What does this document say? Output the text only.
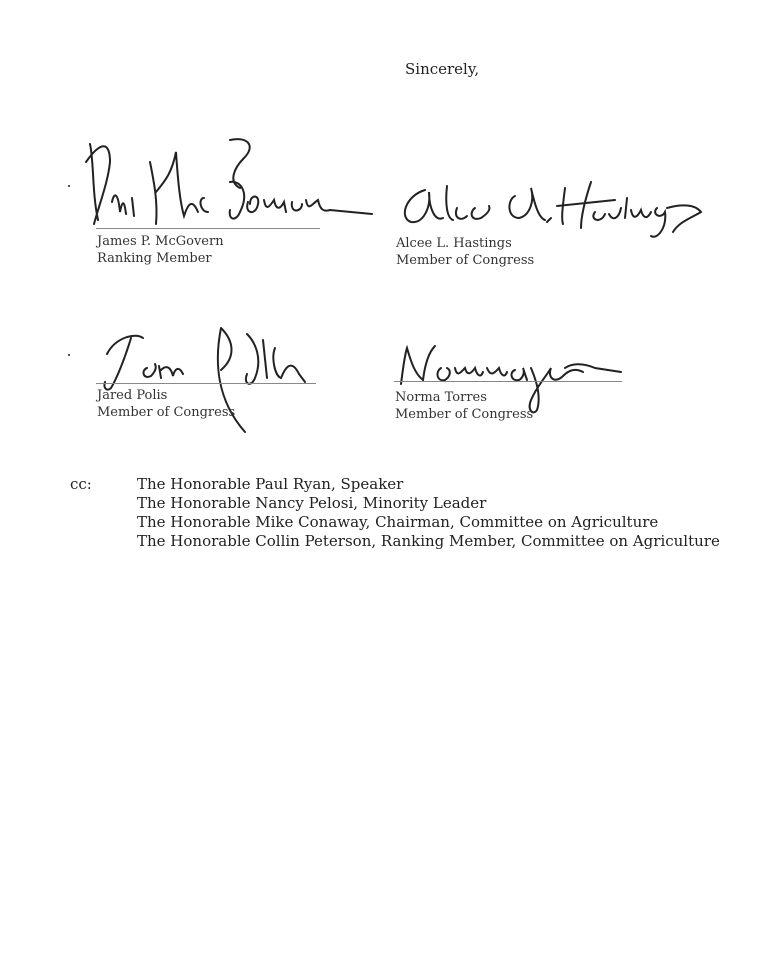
Sincerely,
James P. McGovern
Ranking Member
Alcee L. Hastings
Member of Congress
Jared Polis
Member of Congress
Norma Torres
Member of Congress
cc:	The Honorable Paul Ryan, Speaker
The Honorable Nancy Pelosi, Minority Leader
The Honorable Mike Conaway, Chairman, Committee on Agriculture
The Honorable Collin Peterson, Ranking Member, Committee on Agriculture
